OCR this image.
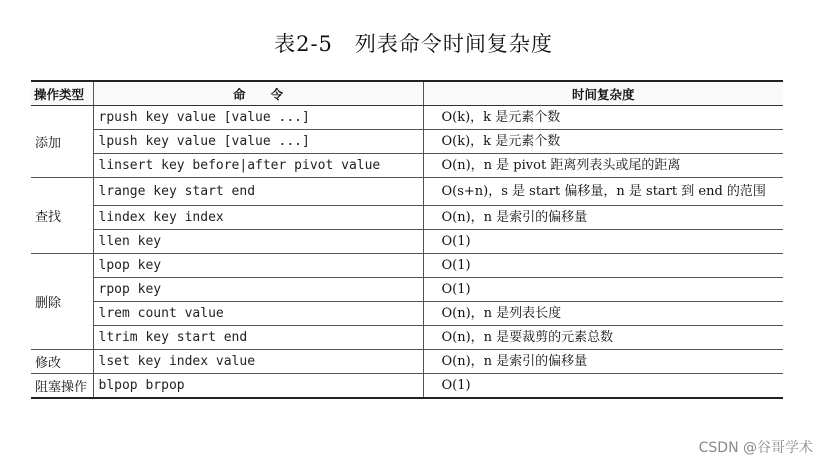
表2-5　列表命令时间复杂度
操作类型	命　　令	时间复杂度
添加	rpush key value [value ...]	O(k)，k 是元素个数
	lpush key value [value ...]	O(k)，k 是元素个数
	linsert key before|after pivot value	O(n)，n 是 pivot 距离列表头或尾的距离
查找	lrange key start end	O(s+n)，s 是 start 偏移量，n 是 start 到 end 的范围
	lindex key index	O(n)，n 是索引的偏移量
	llen key	O(1)
删除	lpop key	O(1)
	rpop key	O(1)
	lrem count value	O(n)，n 是列表长度
	ltrim key start end	O(n)，n 是要裁剪的元素总数
修改	lset key index value	O(n)，n 是索引的偏移量
阻塞操作	blpop brpop	O(1)
CSDN @谷哥学术
